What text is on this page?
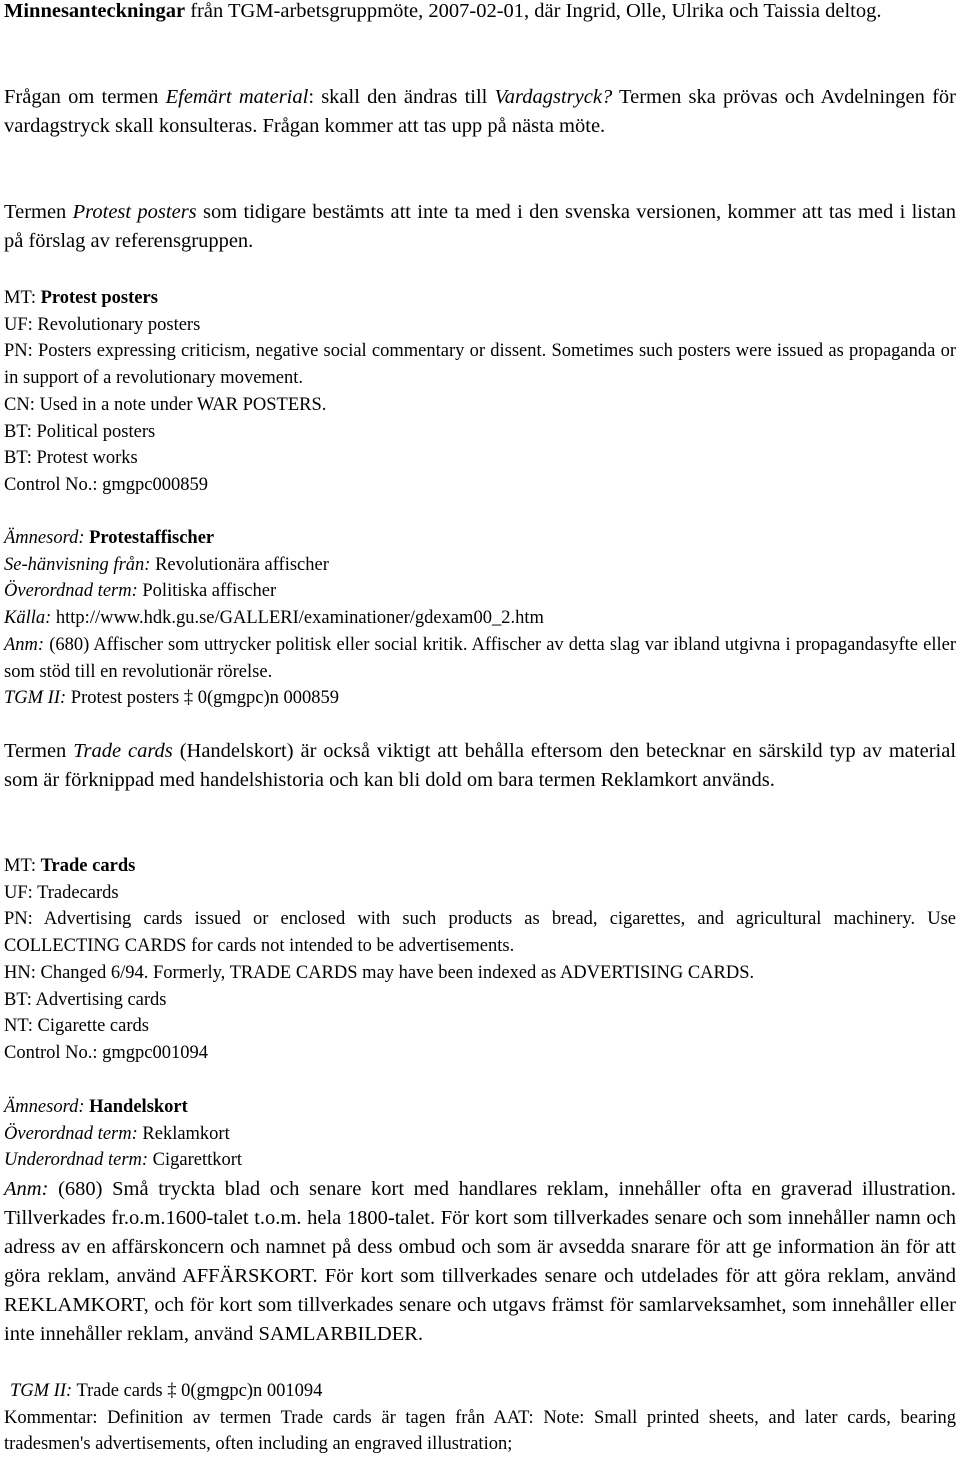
Minnesanteckningar från TGM-arbetsgruppmöte, 2007-02-01, där Ingrid, Olle, Ulrika och Taissia deltog.
Frågan om termen Efemärt material: skall den ändras till Vardagstryck? Termen ska prövas och Avdelningen för vardagstryck skall konsulteras. Frågan kommer att tas upp på nästa möte.
Termen Protest posters som tidigare bestämts att inte ta med i den svenska versionen, kommer att tas med i listan på förslag av referensgruppen.
MT: Protest posters
UF: Revolutionary posters
PN: Posters expressing criticism, negative social commentary or dissent. Sometimes such posters were issued as propaganda or in support of a revolutionary movement.
CN: Used in a note under WAR POSTERS.
BT: Political posters
BT: Protest works
Control No.: gmgpc000859
Ämnesord: Protestaffischer
Se-hänvisning från: Revolutionära affischer
Överordnad term: Politiska affischer
Källa: http://www.hdk.gu.se/GALLERI/examinationer/gdexam00_2.htm
Anm: (680) Affischer som uttrycker politisk eller social kritik. Affischer av detta slag var ibland utgivna i propagandasyfte eller som stöd till en revolutionär rörelse.
TGM II: Protest posters ‡ 0(gmgpc)n 000859
Termen Trade cards (Handelskort) är också viktigt att behålla eftersom den betecknar en särskild typ av material som är förknippad med handelshistoria och kan bli dold om bara termen Reklamkort används.
MT: Trade cards
UF: Tradecards
PN: Advertising cards issued or enclosed with such products as bread, cigarettes, and agricultural machinery. Use COLLECTING CARDS for cards not intended to be advertisements.
HN: Changed 6/94. Formerly, TRADE CARDS may have been indexed as ADVERTISING CARDS.
BT: Advertising cards
NT: Cigarette cards
Control No.: gmgpc001094
Ämnesord: Handelskort
Överordnad term: Reklamkort
Underordnad term: Cigarettkort
Anm: (680) Små tryckta blad och senare kort med handlares reklam, innehåller ofta en graverad illustration. Tillverkades fr.o.m.1600-talet t.o.m. hela 1800-talet. För kort som tillverkades senare och som innehåller namn och adress av en affärskoncern och namnet på dess ombud och som är avsedda snarare för att ge information än för att göra reklam, använd AFFÄRSKORT. För kort som tillverkades senare och utdelades för att göra reklam, använd REKLAMKORT, och för kort som tillverkades senare och utgavs främst för samlarveksamhet, som innehåller eller inte innehåller reklam, använd SAMLARBILDER.
TGM II: Trade cards ‡ 0(gmgpc)n 001094
Kommentar: Definition av termen Trade cards är tagen från AAT: Note: Small printed sheets, and later cards, bearing tradesmen's advertisements, often including an engraved illustration;
